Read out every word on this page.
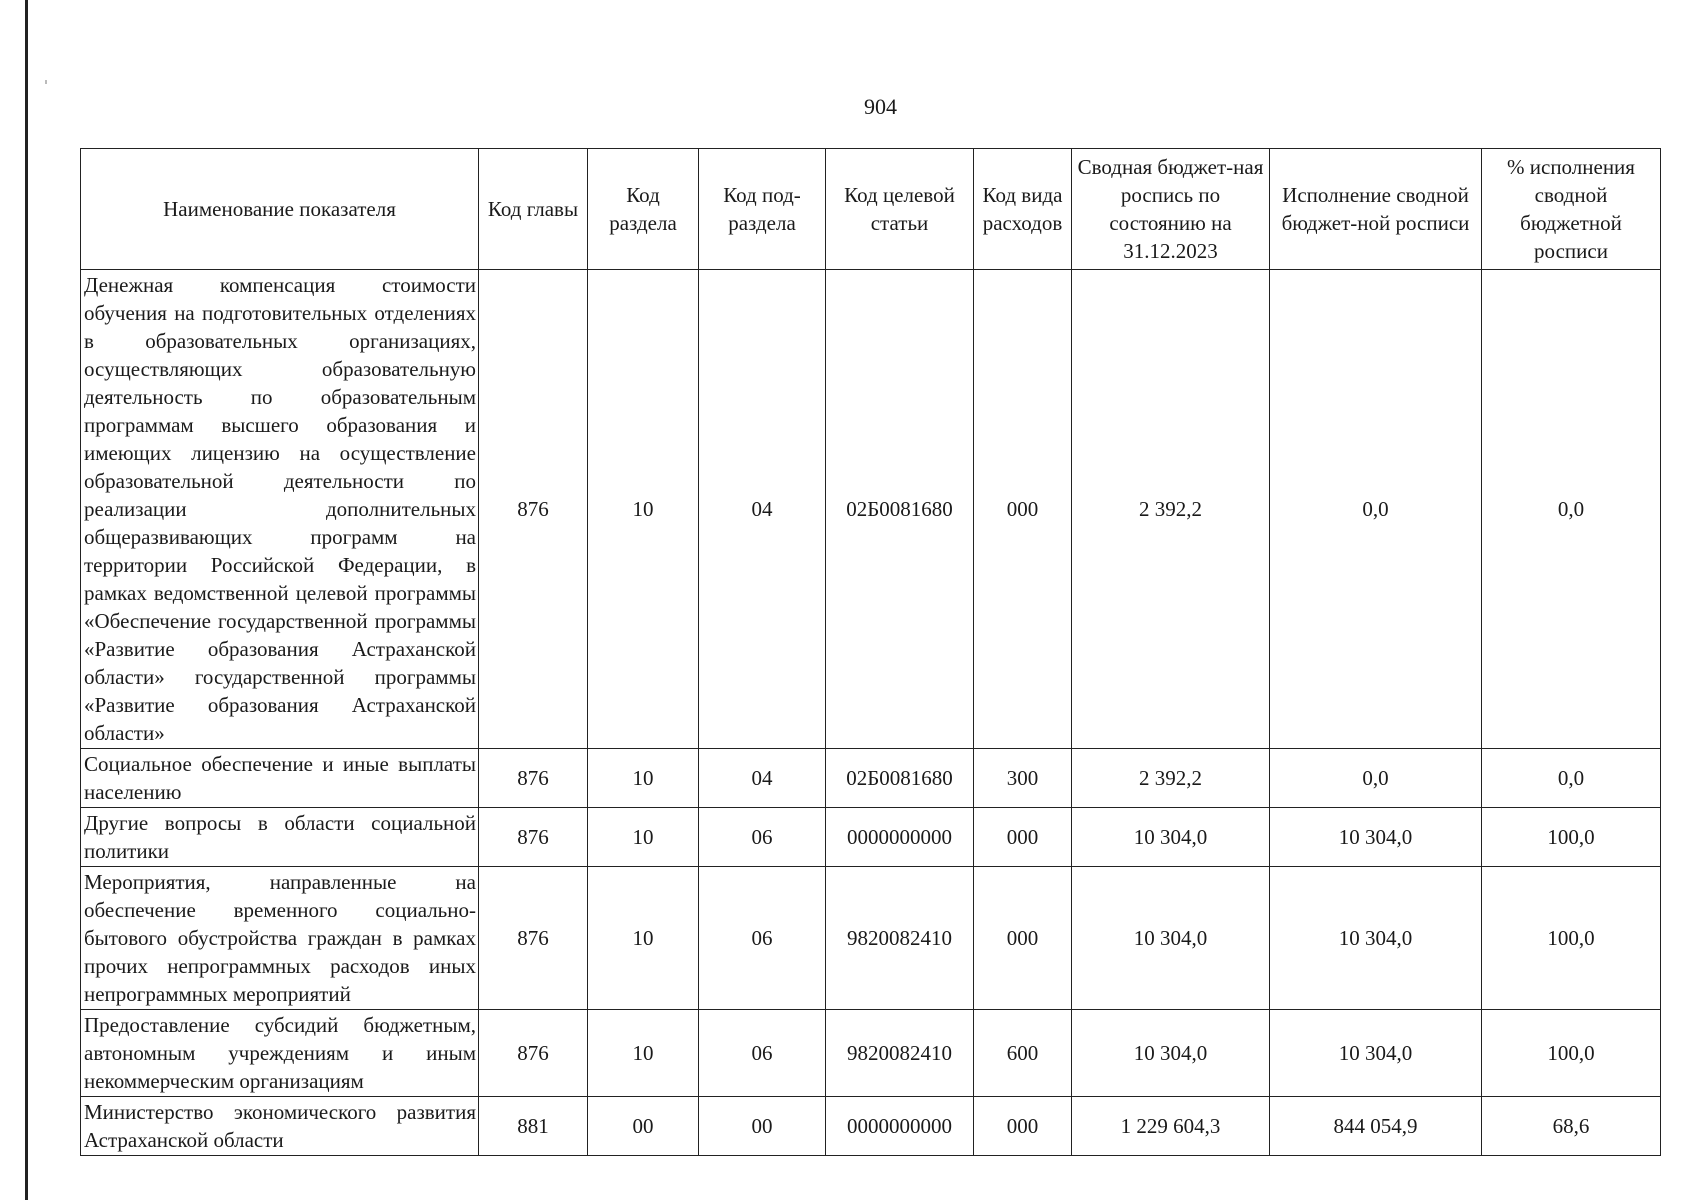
904
Наименование показателя	Код главы	Код раздела	Код под-раздела	Код целевой статьи	Код вида расходов	Сводная бюджет-ная роспись по состоянию на 31.12.2023	Исполнение сводной бюджет-ной росписи	% исполнения сводной бюджетной росписи
Денежная компенсация стоимости обучения на подготовительных отделениях в образовательных организациях, осуществляющих образовательную деятельность по образовательным программам высшего образования и имеющих лицензию на осуществление образовательной деятельности по реализации дополнительных общеразвивающих программ на территории Российской Федерации, в рамках ведомственной целевой программы «Обеспечение государственной программы «Развитие образования Астраханской области» государственной программы «Развитие образования Астраханской области»	876	10	04	02Б0081680	000	2 392,2	0,0	0,0
Социальное обеспечение и иные выплаты населению	876	10	04	02Б0081680	300	2 392,2	0,0	0,0
Другие вопросы в области социальной политики	876	10	06	0000000000	000	10 304,0	10 304,0	100,0
Мероприятия, направленные на обеспечение временного социально-бытового обустройства граждан в рамках прочих непрограммных расходов иных непрограммных мероприятий	876	10	06	9820082410	000	10 304,0	10 304,0	100,0
Предоставление субсидий бюджетным, автономным учреждениям и иным некоммерческим организациям	876	10	06	9820082410	600	10 304,0	10 304,0	100,0
Министерство экономического развития Астраханской области	881	00	00	0000000000	000	1 229 604,3	844 054,9	68,6
